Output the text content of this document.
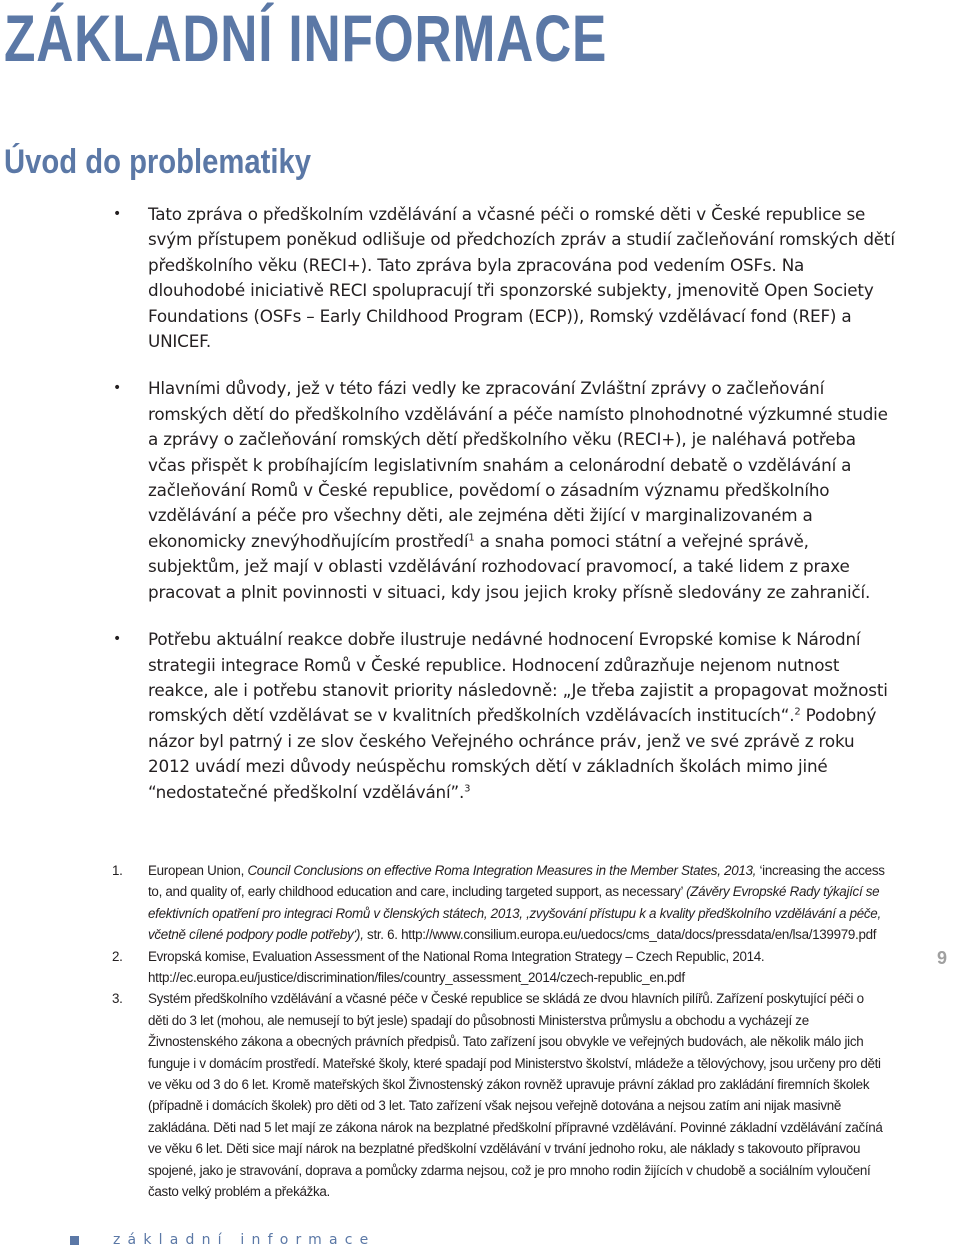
ZÁKLADNÍ INFORMACE
Úvod do problematiky
• Tato zpráva o předškolním vzdělávání a včasné péči o romské děti v České republice se svým přístupem poněkud odlišuje od předchozích zpráv a studií začleňování romských dětí předškolního věku (RECI+). Tato zpráva byla zpracována pod vedením OSFs. Na dlouhodobé iniciativě RECI spolupracují tři sponzorské subjekty, jmenovitě Open Society Foundations (OSFs – Early Childhood Program (ECP)), Romský vzdělávací fond (REF) a UNICEF.
• Hlavními důvody, jež v této fázi vedly ke zpracování Zvláštní zprávy o začleňování romských dětí do předškolního vzdělávání a péče namísto plnohodnotné výzkumné studie a zprávy o začleňování romských dětí předškolního věku (RECI+), je naléhavá potřeba včas přispět k probíhajícím legislativním snahám a celonárodní debatě o vzdělávání a začleňování Romů v České republice, povědomí o zásadním významu předškolního vzdělávání a péče pro všechny děti, ale zejména děti žijící v marginalizovaném a ekonomicky znevýhodňujícím prostředí$^1$ a snaha pomoci státní a veřejné správě, subjektům, jež mají v oblasti vzdělávání rozhodovací pravomocí, a také lidem z praxe pracovat a plnit povinnosti v situaci, kdy jsou jejich kroky přísně sledovány ze zahraničí.
• Potřebu aktuální reakce dobře ilustruje nedávné hodnocení Evropské komise k Národní strategii integrace Romů v České republice. Hodnocení zdůrazňuje nejenom nutnost reakce, ale i potřebu stanovit priority následovně: „Je třeba zajistit a propagovat možnosti romských dětí vzdělávat se v kvalitních předškolních vzdělávacích institucích“.$^2$ Podobný názor byl patrný i ze slov českého Veřejného ochránce práv, jenž ve své zprávě z roku 2012 uvádí mezi důvody neúspěchu romských dětí v základních školách mimo jiné “nedostatečné předškolní vzdělávání”.$^3$
1. European Union, Council Conclusions on effective Roma Integration Measures in the Member States, 2013, ‘increasing the access to, and quality of, early childhood education and care, including targeted support, as necessary’ (Závěry Evropské Rady týkající se efektivních opatření pro integraci Romů v členských státech, 2013, ,zvyšování přístupu k a kvality předškolního vzdělávání a péče, včetně cílené podpory podle potřeby‘), str. 6. http://www.consilium.europa.eu/uedocs/cms_data/docs/pressdata/en/lsa/139979.pdf
2. Evropská komise, Evaluation Assessment of the National Roma Integration Strategy – Czech Republic, 2014. http://ec.europa.eu/justice/discrimination/files/country_assessment_2014/czech-republic_en.pdf
3. Systém předškolního vzdělávání a včasné péče v České republice se skládá ze dvou hlavních pilířů. Zařízení poskytující péči o děti do 3 let (mohou, ale nemusejí to být jesle) spadají do působnosti Ministerstva průmyslu a obchodu a vycházejí ze Živnostenského zákona a obecných právních předpisů. Tato zařízení jsou obvykle ve veřejných budovách, ale několik málo jich funguje i v domácím prostředí. Mateřské školy, které spadají pod Ministerstvo školství, mládeže a tělovýchovy, jsou určeny pro děti ve věku od 3 do 6 let. Kromě mateřských škol Živnostenský zákon rovněž upravuje právní základ pro zakládání firemních školek (případně i domácích školek) pro děti od 3 let. Tato zařízení však nejsou veřejně dotována a nejsou zatím ani nijak masivně zakládána. Děti nad 5 let mají ze zákona nárok na bezplatné předškolní přípravné vzdělávání. Povinné základní vzdělávání začíná ve věku 6 let. Děti sice mají nárok na bezplatné předškolní vzdělávání v trvání jednoho roku, ale náklady s takovouto přípravou spojené, jako je stravování, doprava a pomůcky zdarma nejsou, což je pro mnoho rodin žijících v chudobě a sociálním vyloučení často velký problém a překážka.
9
základní informace
